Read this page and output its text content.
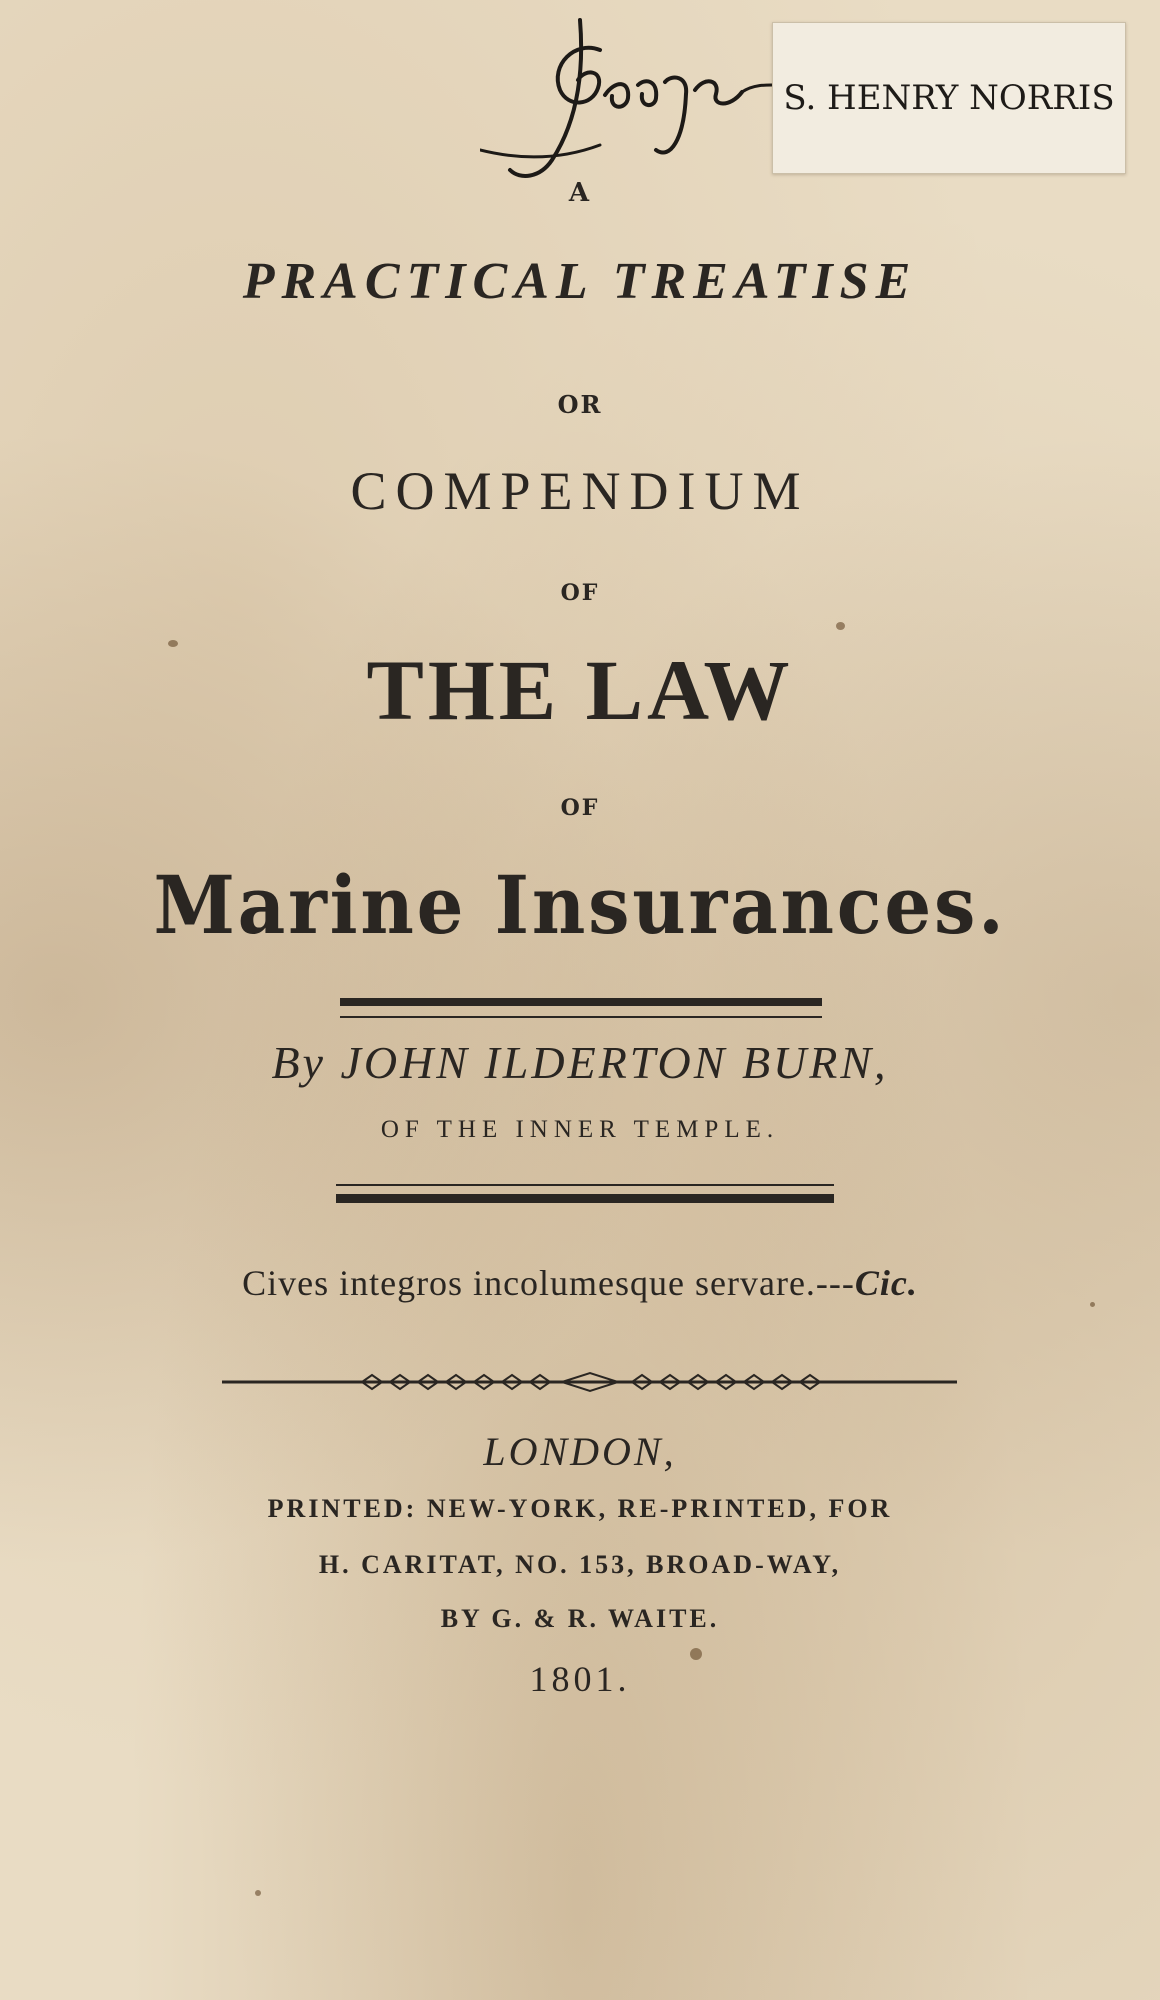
S. HENRY NORRIS
A
PRACTICAL TREATISE
OR
COMPENDIUM
OF
THE LAW
OF
Marine Insurances.
By JOHN ILDERTON BURN,
OF THE INNER TEMPLE.
Cives integros incolumesque servare.---Cic.
LONDON,
PRINTED: NEW-YORK, RE-PRINTED, FOR
H. CARITAT, NO. 153, BROAD-WAY,
BY G. & R. WAITE.
1801.
